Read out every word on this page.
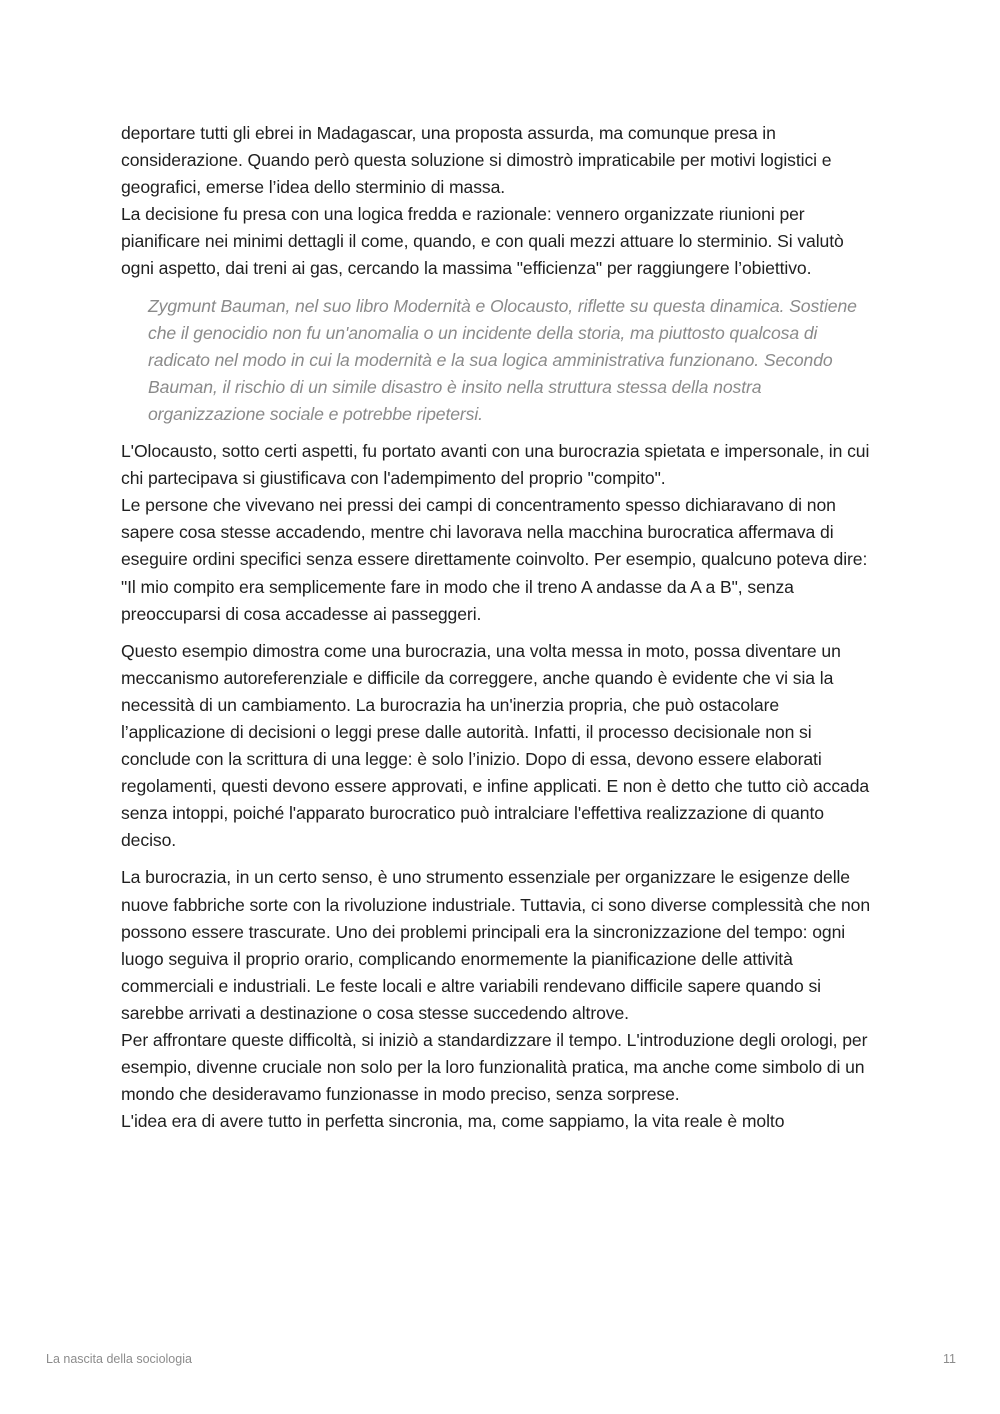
deportare tutti gli ebrei in Madagascar, una proposta assurda, ma comunque presa in considerazione. Quando però questa soluzione si dimostrò impraticabile per motivi logistici e geografici, emerse l’idea dello sterminio di massa.

La decisione fu presa con una logica fredda e razionale: vennero organizzate riunioni per pianificare nei minimi dettagli il come, quando, e con quali mezzi attuare lo sterminio. Si valutò ogni aspetto, dai treni ai gas, cercando la massima "efficienza" per raggiungere l’obiettivo.

Zygmunt Bauman, nel suo libro Modernità e Olocausto, riflette su questa dinamica. Sostiene che il genocidio non fu un'anomalia o un incidente della storia, ma piuttosto qualcosa di radicato nel modo in cui la modernità e la sua logica amministrativa funzionano. Secondo Bauman, il rischio di un simile disastro è insito nella struttura stessa della nostra organizzazione sociale e potrebbe ripetersi.

L'Olocausto, sotto certi aspetti, fu portato avanti con una burocrazia spietata e impersonale, in cui chi partecipava si giustificava con l'adempimento del proprio "compito".

Le persone che vivevano nei pressi dei campi di concentramento spesso dichiaravano di non sapere cosa stesse accadendo, mentre chi lavorava nella macchina burocratica affermava di eseguire ordini specifici senza essere direttamente coinvolto. Per esempio, qualcuno poteva dire: "Il mio compito era semplicemente fare in modo che il treno A andasse da A a B", senza preoccuparsi di cosa accadesse ai passeggeri.

Questo esempio dimostra come una burocrazia, una volta messa in moto, possa diventare un meccanismo autoreferenziale e difficile da correggere, anche quando è evidente che vi sia la necessità di un cambiamento. La burocrazia ha un'inerzia propria, che può ostacolare l’applicazione di decisioni o leggi prese dalle autorità. Infatti, il processo decisionale non si conclude con la scrittura di una legge: è solo l’inizio. Dopo di essa, devono essere elaborati regolamenti, questi devono essere approvati, e infine applicati. E non è detto che tutto ciò accada senza intoppi, poiché l'apparato burocratico può intralciare l'effettiva realizzazione di quanto deciso.

La burocrazia, in un certo senso, è uno strumento essenziale per organizzare le esigenze delle nuove fabbriche sorte con la rivoluzione industriale. Tuttavia, ci sono diverse complessità che non possono essere trascurate. Uno dei problemi principali era la sincronizzazione del tempo: ogni luogo seguiva il proprio orario, complicando enormemente la pianificazione delle attività commerciali e industriali. Le feste locali e altre variabili rendevano difficile sapere quando si sarebbe arrivati a destinazione o cosa stesse succedendo altrove.

Per affrontare queste difficoltà, si iniziò a standardizzare il tempo. L'introduzione degli orologi, per esempio, divenne cruciale non solo per la loro funzionalità pratica, ma anche come simbolo di un mondo che desideravamo funzionasse in modo preciso, senza sorprese.

L'idea era di avere tutto in perfetta sincronia, ma, come sappiamo, la vita reale è molto

La nascita della sociologia	11
